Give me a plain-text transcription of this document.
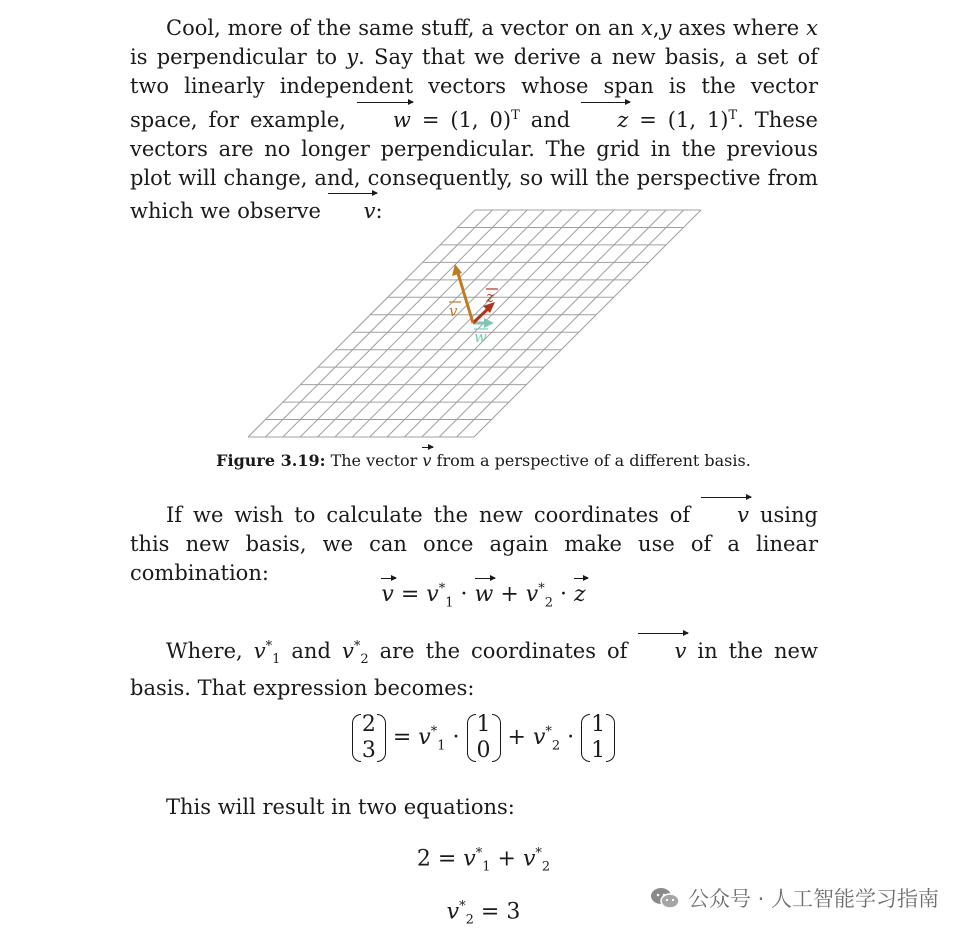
Cool, more of the same stuff, a vector on an x,y axes where x is perpendicular to y. Say that we derive a new basis, a set of two linearly independent vectors whose span is the vector space, for example, w = (1, 0)$^T$ and z = (1, 1)$^T$. These vectors are no longer perpendicular. The grid in the previous plot will change, and, consequently, so will the perspective from which we observe v:
v
z
w
Figure 3.19: The vector v from a perspective of a different basis.
If we wish to calculate the new coordinates of v using this new basis, we can once again make use of a linear combination:
$v = v^*_1 \cdot w + v^*_2 \cdot z$
Where, $v^*_1$ and $v^*_2$ are the coordinates of v in the new basis. That expression becomes:
2
$3 = v^*_1 \cdot 1$
$0 + v^*_2 \cdot 1$
1
This will result in two equations:
$2 = v^*_1 + v^*_2$
$v^*_2 = 3$
公众号 · 人工智能学习指南
